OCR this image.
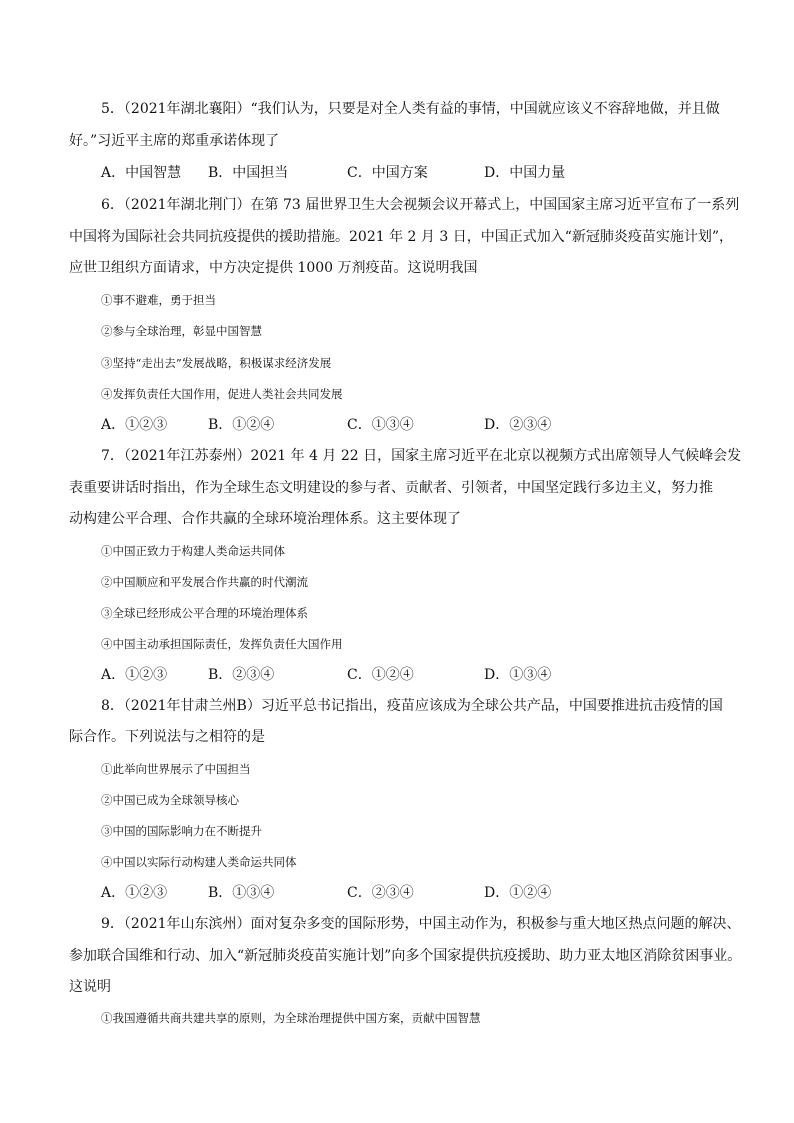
5．（2021年湖北襄阳）“我们认为，只要是对全人类有益的事情，中国就应该义不容辞地做，并且做
好。”习近平主席的郑重承诺体现了
A．中国智慧 B．中国担当	C．中国方案	D．中国力量
6．（2021年湖北荆门）在第 73 届世界卫生大会视频会议开幕式上，中国国家主席习近平宣布了一系列
中国将为国际社会共同抗疫提供的援助措施。2021 年 2 月 3 日，中国正式加入“新冠肺炎疫苗实施计划”，
应世卫组织方面请求，中方决定提供 1000 万剂疫苗。这说明我国
①事不避难，勇于担当
②参与全球治理，彰显中国智慧
③坚持“走出去”发展战略，积极谋求经济发展
④发挥负责任大国作用，促进人类社会共同发展
A．①②③	B．①②④	C．①③④	D．②③④
7．（2021年江苏泰州）2021 年 4 月 22 日，国家主席习近平在北京以视频方式出席领导人气候峰会发
表重要讲话时指出，作为全球生态文明建设的参与者、贡献者、引领者，中国坚定践行多边主义，努力推
动构建公平合理、合作共赢的全球环境治理体系。这主要体现了
①中国正致力于构建人类命运共同体
②中国顺应和平发展合作共赢的时代潮流
③全球已经形成公平合理的环境治理体系
④中国主动承担国际责任，发挥负责任大国作用
A．①②③	B．②③④	C．①②④	D．①③④
8．（2021年甘肃兰州B）习近平总书记指出，疫苗应该成为全球公共产品，中国要推进抗击疫情的国
际合作。下列说法与之相符的是
①此举向世界展示了中国担当
②中国已成为全球领导核心
③中国的国际影响力在不断提升
④中国以实际行动构建人类命运共同体
A．①②③	B．①③④	C．②③④	D．①②④
9．（2021年山东滨州）面对复杂多变的国际形势，中国主动作为，积极参与重大地区热点问题的解决、
参加联合国维和行动、加入“新冠肺炎疫苗实施计划”向多个国家提供抗疫援助、助力亚太地区消除贫困事业。
这说明
①我国遵循共商共建共享的原则，为全球治理提供中国方案，贡献中国智慧
